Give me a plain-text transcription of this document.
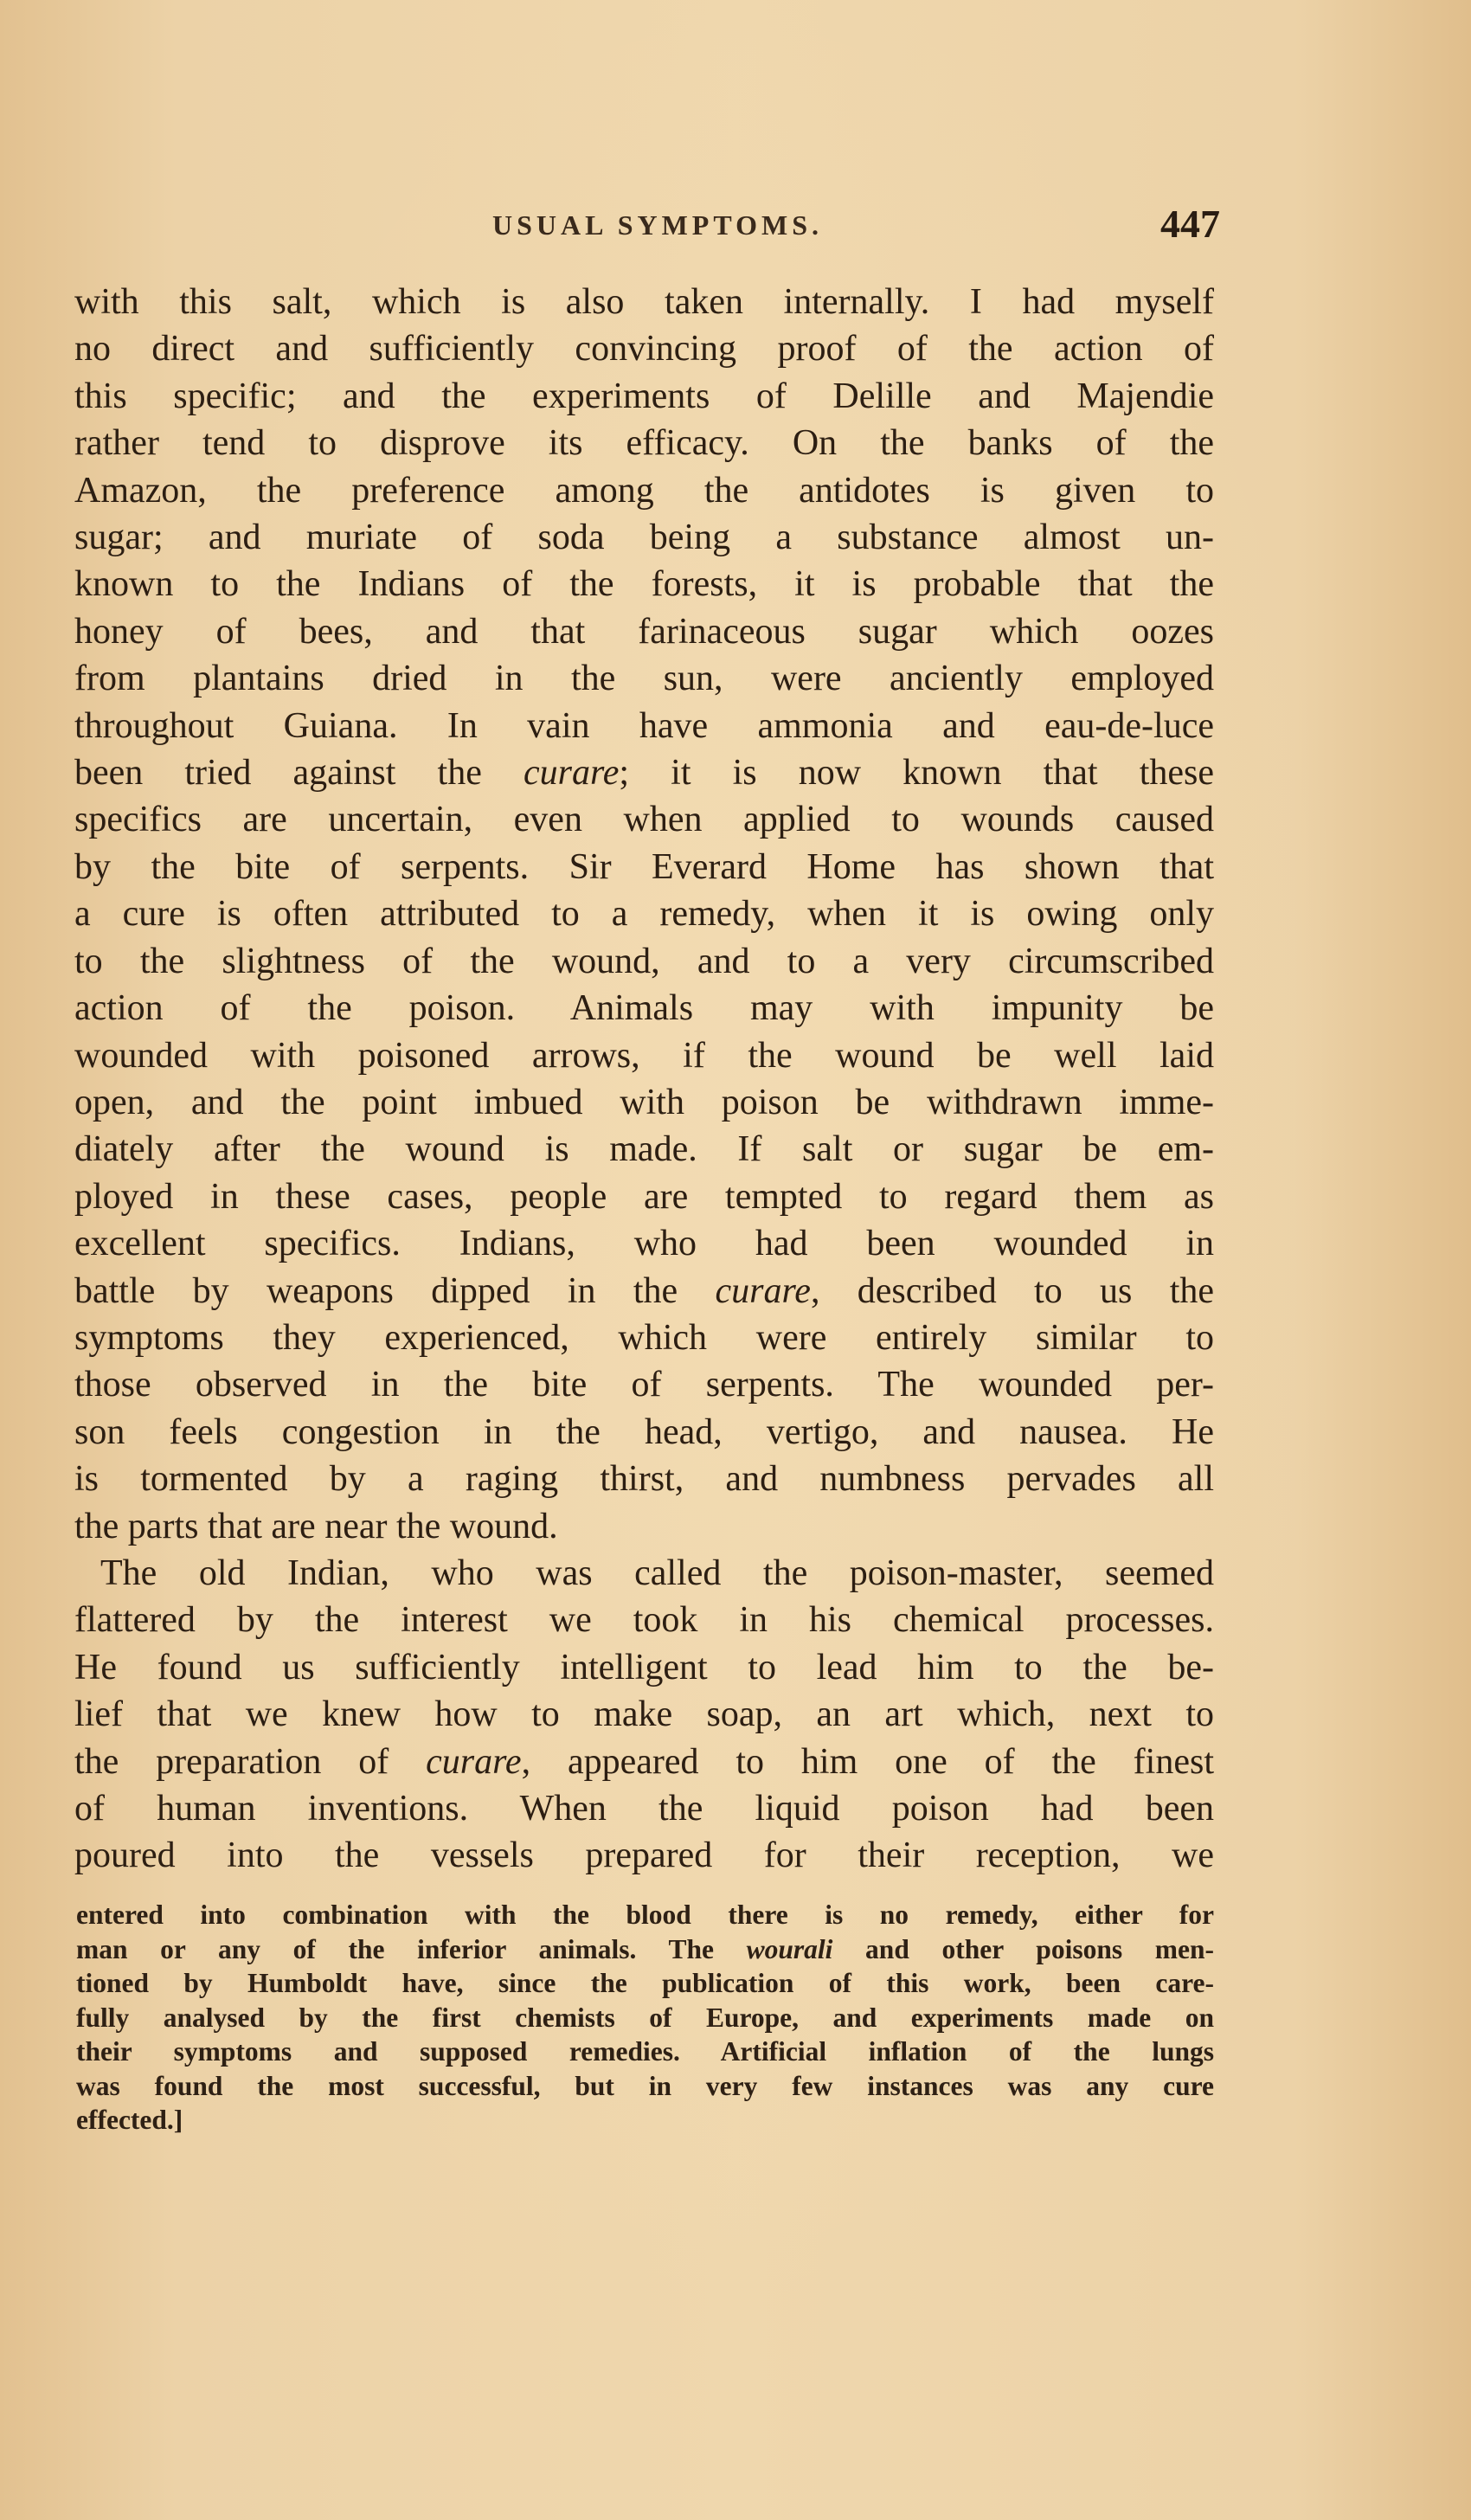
USUAL SYMPTOMS.	447
with this salt, which is also taken internally. I had myself
no direct and sufficiently convincing proof of the action of
this specific; and the experiments of Delille and Majendie
rather tend to disprove its efficacy. On the banks of the
Amazon, the preference among the antidotes is given to
sugar; and muriate of soda being a substance almost un-
known to the Indians of the forests, it is probable that the
honey of bees, and that farinaceous sugar which oozes
from plantains dried in the sun, were anciently employed
throughout Guiana. In vain have ammonia and eau-de-luce
been tried against the curare; it is now known that these
specifics are uncertain, even when applied to wounds caused
by the bite of serpents. Sir Everard Home has shown that
a cure is often attributed to a remedy, when it is owing only
to the slightness of the wound, and to a very circumscribed
action of the poison. Animals may with impunity be
wounded with poisoned arrows, if the wound be well laid
open, and the point imbued with poison be withdrawn imme-
diately after the wound is made. If salt or sugar be em-
ployed in these cases, people are tempted to regard them as
excellent specifics. Indians, who had been wounded in
battle by weapons dipped in the curare, described to us the
symptoms they experienced, which were entirely similar to
those observed in the bite of serpents. The wounded per-
son feels congestion in the head, vertigo, and nausea. He
is tormented by a raging thirst, and numbness pervades all
the parts that are near the wound.
The old Indian, who was called the poison-master, seemed
flattered by the interest we took in his chemical processes.
He found us sufficiently intelligent to lead him to the be-
lief that we knew how to make soap, an art which, next to
the preparation of curare, appeared to him one of the finest
of human inventions. When the liquid poison had been
poured into the vessels prepared for their reception, we
entered into combination with the blood there is no remedy, either for
man or any of the inferior animals. The wourali and other poisons men-
tioned by Humboldt have, since the publication of this work, been care-
fully analysed by the first chemists of Europe, and experiments made on
their symptoms and supposed remedies. Artificial inflation of the lungs
was found the most successful, but in very few instances was any cure
effected.]
